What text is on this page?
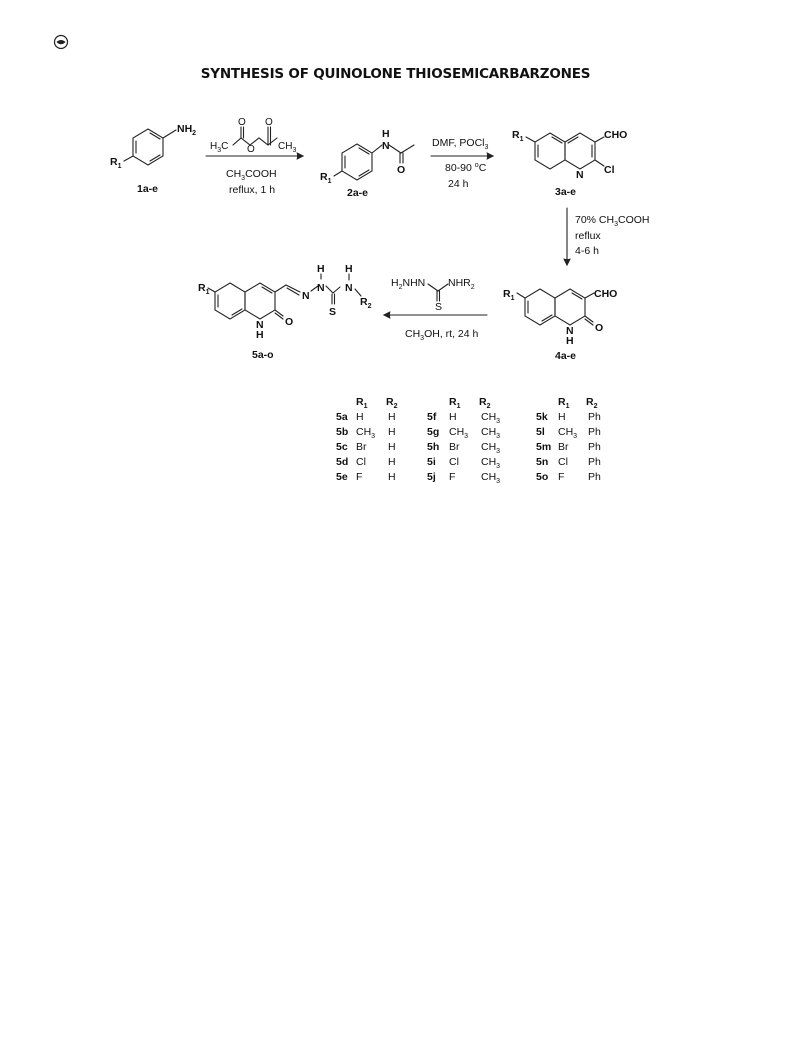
SYNTHESIS OF QUINOLONE THIOSEMICARBARZONES
$NH_2$
$R_1$
1a-e
$H_3C$	$CH_3$
O O
O
$CH_3COOH$
reflux, 1 h
H
N
O
$R_1$
2a-e
DMF, POCl$_3$
80-90 $^o$C
24 h
$R_1$	CHO
N Cl
3a-e
70% $CH_3COOH$
reflux
4-6 h
$R_1$	CHO
N
H
O
4a-e
$H_2NHN$ $NHR_2$
S
$CH_3OH$, rt, 24 h
$R_1$
N
H
O
N
H
N
H
N
S
$R_2$
5a-o
$R_1$ $R_2$
5a H H
5b $CH_3$ H
5c Br H
5d Cl H
5e F H
$R_1$ $R_2$
5f H $CH_3$
5g $CH_3$ $CH_3$
5h Br $CH_3$
5i Cl $CH_3$
5j F $CH_3$
$R_1$ $R_2$
5k H Ph
5l $CH_3$ Ph
5m Br Ph
5n Cl Ph
5o F Ph
